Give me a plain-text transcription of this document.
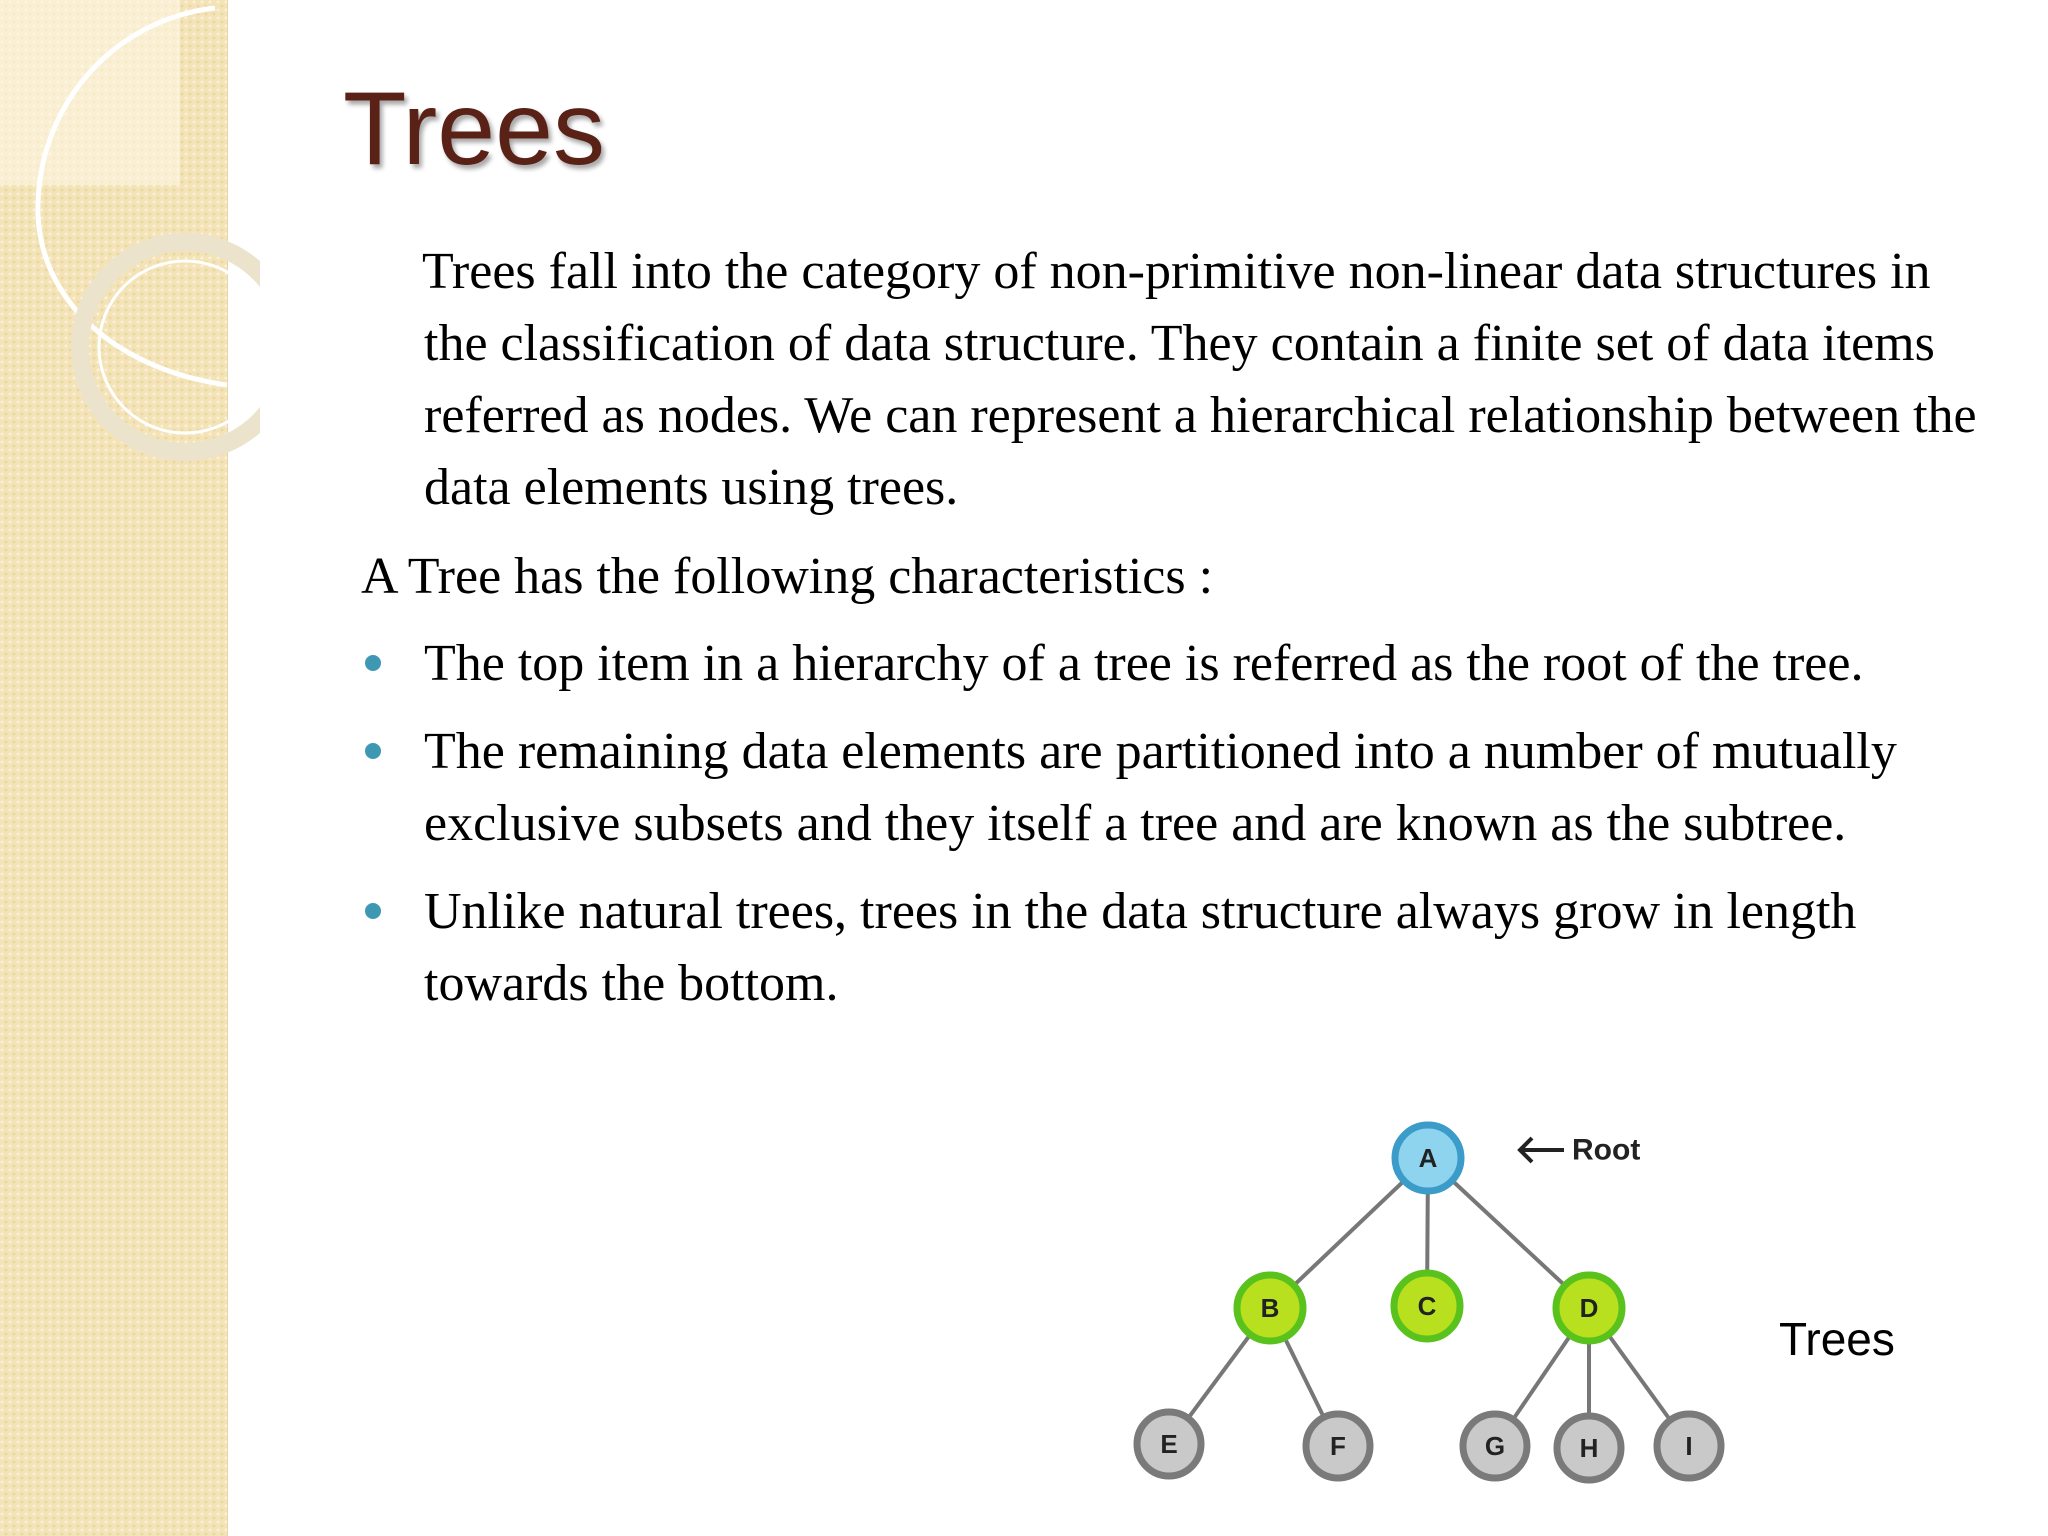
Trees

Trees fall into the category of non-primitive non-linear data structures in the classification of data structure. They contain a finite set of data items referred as nodes. We can represent a hierarchical relationship between the data elements using trees.

A Tree has the following characteristics :

The top item in a hierarchy of a tree is referred as the root of the tree.
The remaining data elements are partitioned into a number of mutually exclusive subsets and they itself a tree and are known as the subtree.
Unlike natural trees, trees in the data structure always grow in length towards the bottom.
A	Root
B	C	D
E	F	G	H	I
Trees
